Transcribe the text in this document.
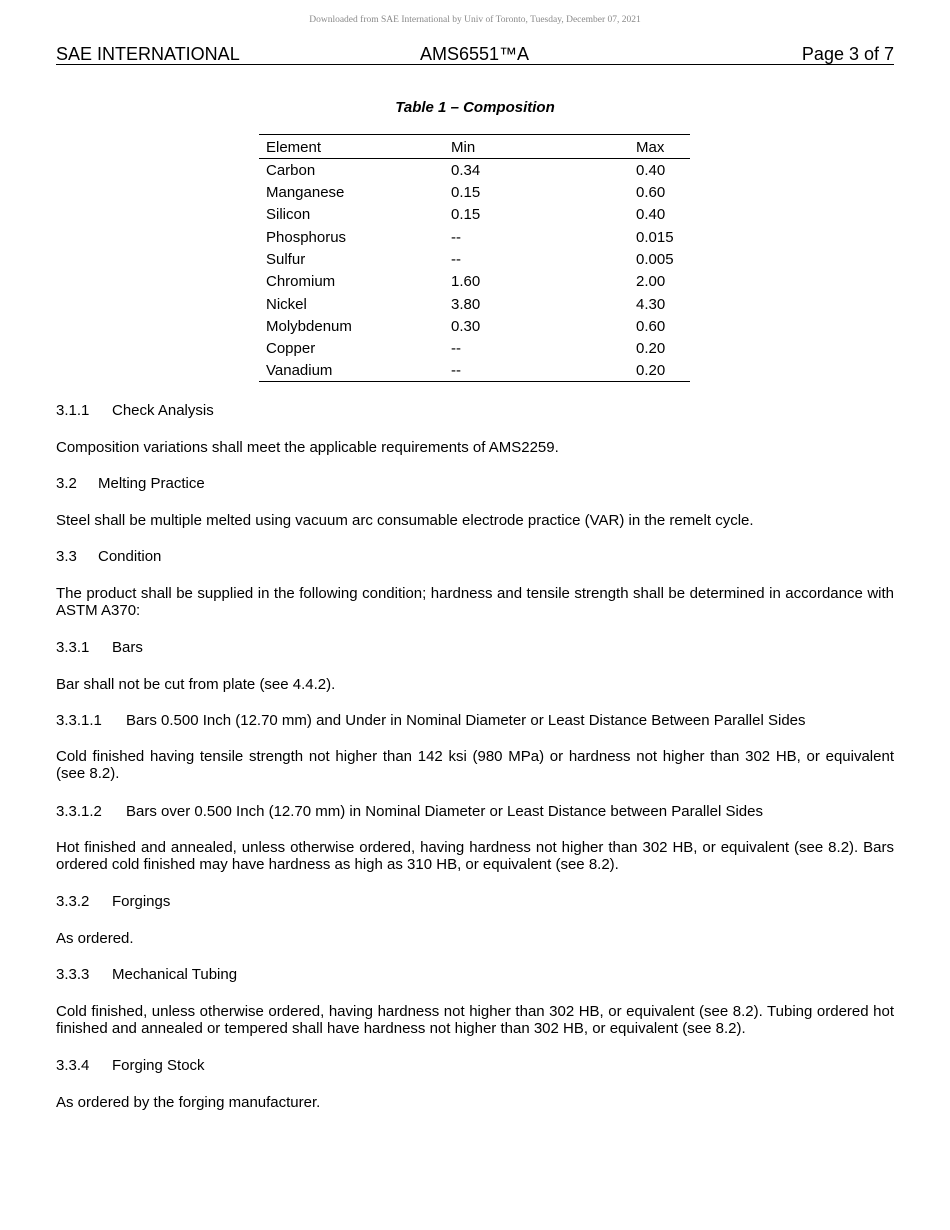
Downloaded from SAE International by Univ of Toronto, Tuesday, December 07, 2021
SAE INTERNATIONAL	AMS6551™A	Page 3 of 7
Table 1 – Composition
Element	Min	Max
Carbon	0.34	0.40
Manganese	0.15	0.60
Silicon	0.15	0.40
Phosphorus	--	0.015
Sulfur	--	0.005
Chromium	1.60	2.00
Nickel	3.80	4.30
Molybdenum	0.30	0.60
Copper	--	0.20
Vanadium	--	0.20
3.1.1 Check Analysis
Composition variations shall meet the applicable requirements of AMS2259.
3.2 Melting Practice
Steel shall be multiple melted using vacuum arc consumable electrode practice (VAR) in the remelt cycle.
3.3 Condition
The product shall be supplied in the following condition; hardness and tensile strength shall be determined in accordance with ASTM A370:
3.3.1 Bars
Bar shall not be cut from plate (see 4.4.2).
3.3.1.1 Bars 0.500 Inch (12.70 mm) and Under in Nominal Diameter or Least Distance Between Parallel Sides
Cold finished having tensile strength not higher than 142 ksi (980 MPa) or hardness not higher than 302 HB, or equivalent (see 8.2).
3.3.1.2 Bars over 0.500 Inch (12.70 mm) in Nominal Diameter or Least Distance between Parallel Sides
Hot finished and annealed, unless otherwise ordered, having hardness not higher than 302 HB, or equivalent (see 8.2). Bars ordered cold finished may have hardness as high as 310 HB, or equivalent (see 8.2).
3.3.2 Forgings
As ordered.
3.3.3 Mechanical Tubing
Cold finished, unless otherwise ordered, having hardness not higher than 302 HB, or equivalent (see 8.2). Tubing ordered hot finished and annealed or tempered shall have hardness not higher than 302 HB, or equivalent (see 8.2).
3.3.4 Forging Stock
As ordered by the forging manufacturer.
